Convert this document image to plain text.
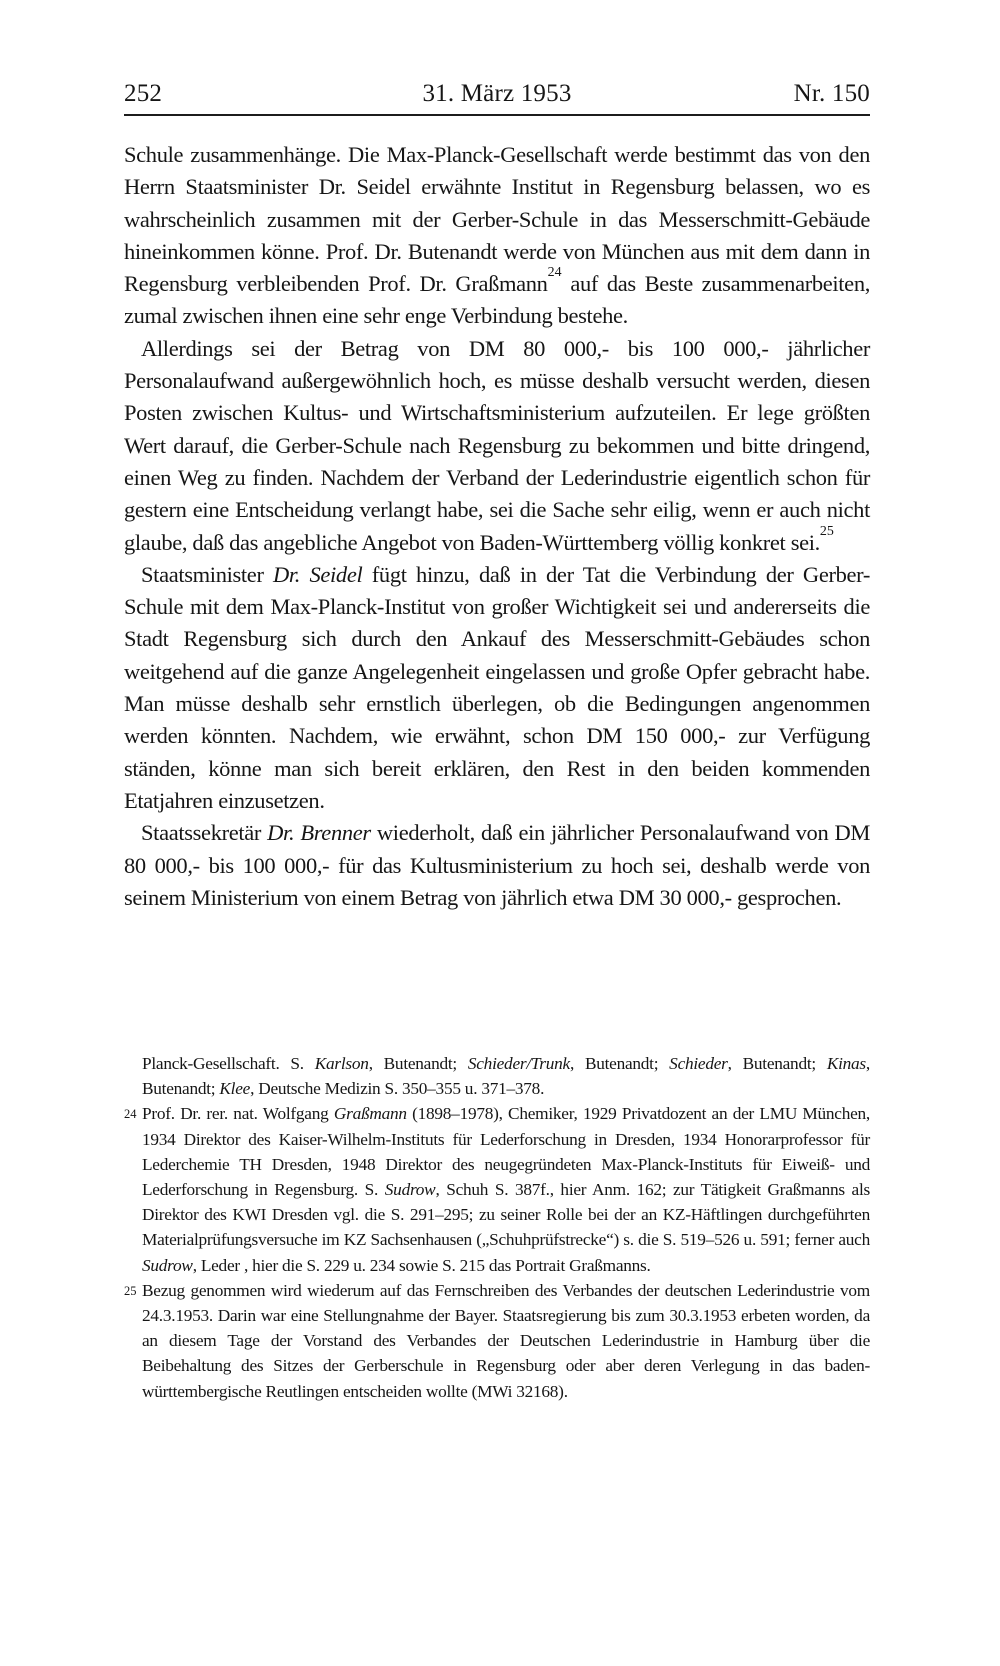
252	31. März 1953	Nr. 150

Schule zusammenhänge. Die Max-Planck-Gesellschaft werde bestimmt das von den Herrn Staatsminister Dr. Seidel erwähnte Institut in Regensburg belassen, wo es wahrscheinlich zusammen mit der Gerber-Schule in das Messerschmitt-Gebäude hineinkommen könne. Prof. Dr. Butenandt werde von München aus mit dem dann in Regensburg verbleibenden Prof. Dr. Graßmann$^{24}$ auf das Beste zusammenarbeiten, zumal zwischen ihnen eine sehr enge Verbindung bestehe.

Allerdings sei der Betrag von DM 80 000,- bis 100 000,- jährlicher Personalaufwand außergewöhnlich hoch, es müsse deshalb versucht werden, diesen Posten zwischen Kultus- und Wirtschaftsministerium aufzuteilen. Er lege größten Wert darauf, die Gerber-Schule nach Regensburg zu bekommen und bitte dringend, einen Weg zu finden. Nachdem der Verband der Lederindustrie eigentlich schon für gestern eine Entscheidung verlangt habe, sei die Sache sehr eilig, wenn er auch nicht glaube, daß das angebliche Angebot von Baden-Württemberg völlig konkret sei.$^{25}$

Staatsminister Dr. Seidel fügt hinzu, daß in der Tat die Verbindung der Gerber-Schule mit dem Max-Planck-Institut von großer Wichtigkeit sei und andererseits die Stadt Regensburg sich durch den Ankauf des Messerschmitt-Gebäudes schon weitgehend auf die ganze Angelegenheit eingelassen und große Opfer gebracht habe. Man müsse deshalb sehr ernstlich überlegen, ob die Bedingungen angenommen werden könnten. Nachdem, wie erwähnt, schon DM 150 000,- zur Verfügung ständen, könne man sich bereit erklären, den Rest in den beiden kommenden Etatjahren einzusetzen.

Staatssekretär Dr. Brenner wiederholt, daß ein jährlicher Personalaufwand von DM 80 000,- bis 100 000,- für das Kultusministerium zu hoch sei, deshalb werde von seinem Ministerium von einem Betrag von jährlich etwa DM 30 000,- gesprochen.

Planck-Gesellschaft. S. Karlson, Butenandt; Schieder/Trunk, Butenandt; Schieder, Butenandt; Kinas, Butenandt; Klee, Deutsche Medizin S. 350–355 u. 371–378.
24 Prof. Dr. rer. nat. Wolfgang Graßmann (1898–1978), Chemiker, 1929 Privatdozent an der LMU München, 1934 Direktor des Kaiser-Wilhelm-Instituts für Lederforschung in Dresden, 1934 Honorarprofessor für Lederchemie TH Dresden, 1948 Direktor des neugegründeten Max-Planck-Instituts für Eiweiß- und Lederforschung in Regensburg. S. Sudrow, Schuh S. 387f., hier Anm. 162; zur Tätigkeit Graßmanns als Direktor des KWI Dresden vgl. die S. 291–295; zu seiner Rolle bei der an KZ-Häftlingen durchgeführten Materialprüfungsversuche im KZ Sachsenhausen („Schuhprüfstrecke“) s. die S. 519–526 u. 591; ferner auch Sudrow, Leder , hier die S. 229 u. 234 sowie S. 215 das Portrait Graßmanns.
25 Bezug genommen wird wiederum auf das Fernschreiben des Verbandes der deutschen Lederindustrie vom 24.3.1953. Darin war eine Stellungnahme der Bayer. Staatsregierung bis zum 30.3.1953 erbeten worden, da an diesem Tage der Vorstand des Verbandes der Deutschen Lederindustrie in Hamburg über die Beibehaltung des Sitzes der Gerberschule in Regensburg oder aber deren Verlegung in das baden-württembergische Reutlingen entscheiden wollte (MWi 32168).
